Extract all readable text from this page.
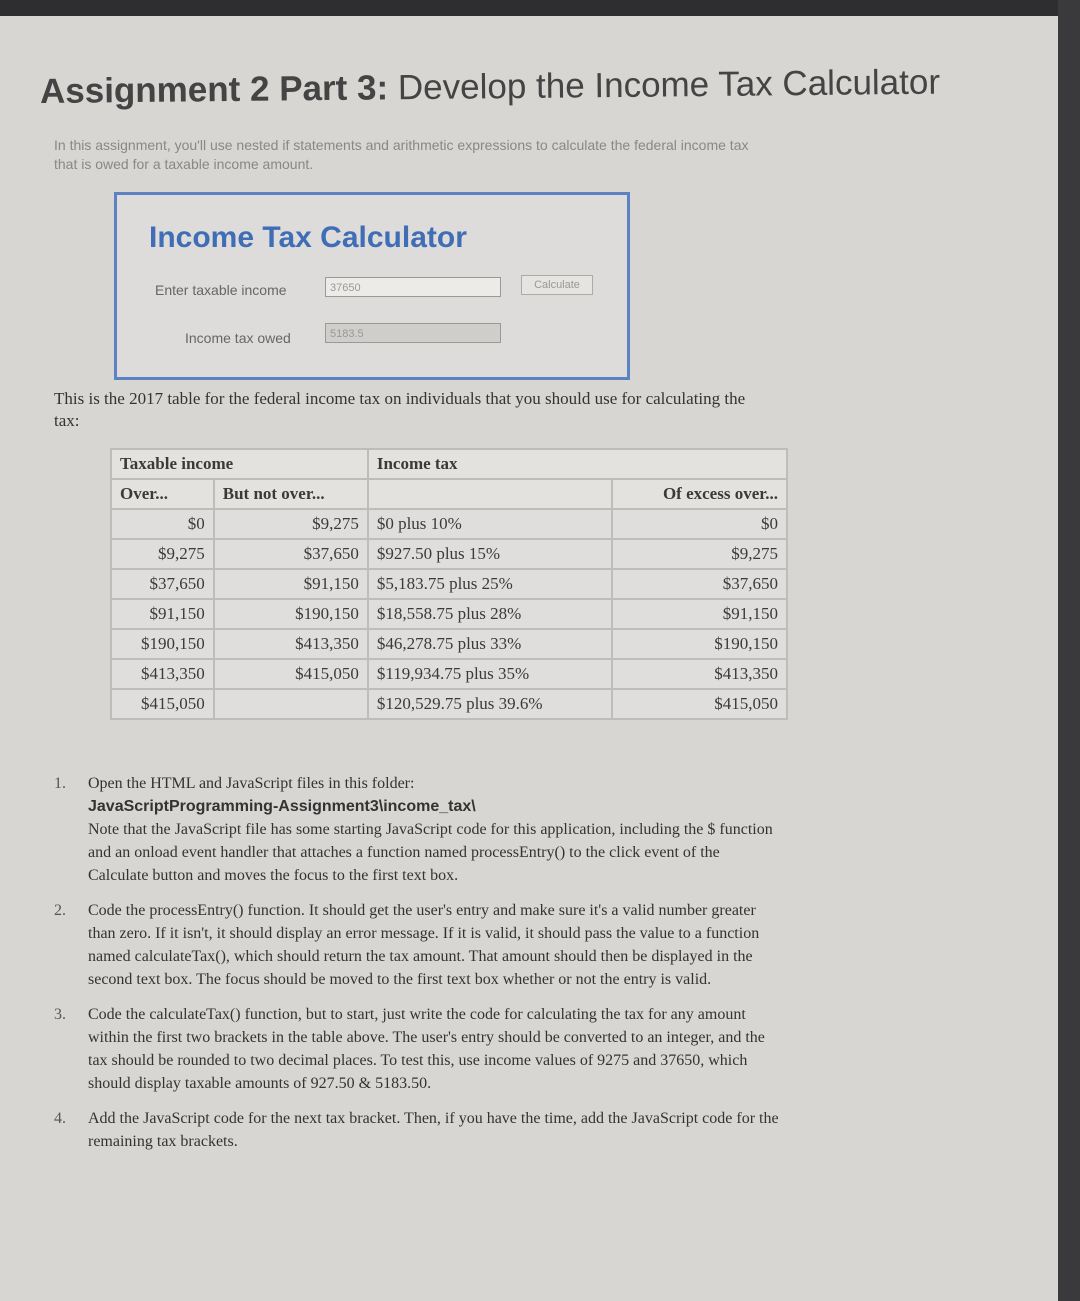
Assignment 2 Part 3: Develop the Income Tax Calculator
In this assignment, you'll use nested if statements and arithmetic expressions to calculate the federal income tax that is owed for a taxable income amount.
Income Tax Calculator
Enter taxable income	37650	Calculate
Income tax owed	5183.5
This is the 2017 table for the federal income tax on individuals that you should use for calculating the tax:
Taxable income		Income tax	
Over...	But not over...		Of excess over...
$0	$9,275	$0 plus 10%	$0
$9,275	$37,650	$927.50 plus 15%	$9,275
$37,650	$91,150	$5,183.75 plus 25%	$37,650
$91,150	$190,150	$18,558.75 plus 28%	$91,150
$190,150	$413,350	$46,278.75 plus 33%	$190,150
$413,350	$415,050	$119,934.75 plus 35%	$413,350
$415,050		$120,529.75 plus 39.6%	$415,050
1. Open the HTML and JavaScript files in this folder:
JavaScriptProgramming-Assignment3\income_tax\
Note that the JavaScript file has some starting JavaScript code for this application, including the $ function and an onload event handler that attaches a function named processEntry() to the click event of the Calculate button and moves the focus to the first text box.
2. Code the processEntry() function. It should get the user's entry and make sure it's a valid number greater than zero. If it isn't, it should display an error message. If it is valid, it should pass the value to a function named calculateTax(), which should return the tax amount. That amount should then be displayed in the second text box. The focus should be moved to the first text box whether or not the entry is valid.
3. Code the calculateTax() function, but to start, just write the code for calculating the tax for any amount within the first two brackets in the table above. The user's entry should be converted to an integer, and the tax should be rounded to two decimal places. To test this, use income values of 9275 and 37650, which should display taxable amounts of 927.50 & 5183.50.
4. Add the JavaScript code for the next tax bracket. Then, if you have the time, add the JavaScript code for the remaining tax brackets.
